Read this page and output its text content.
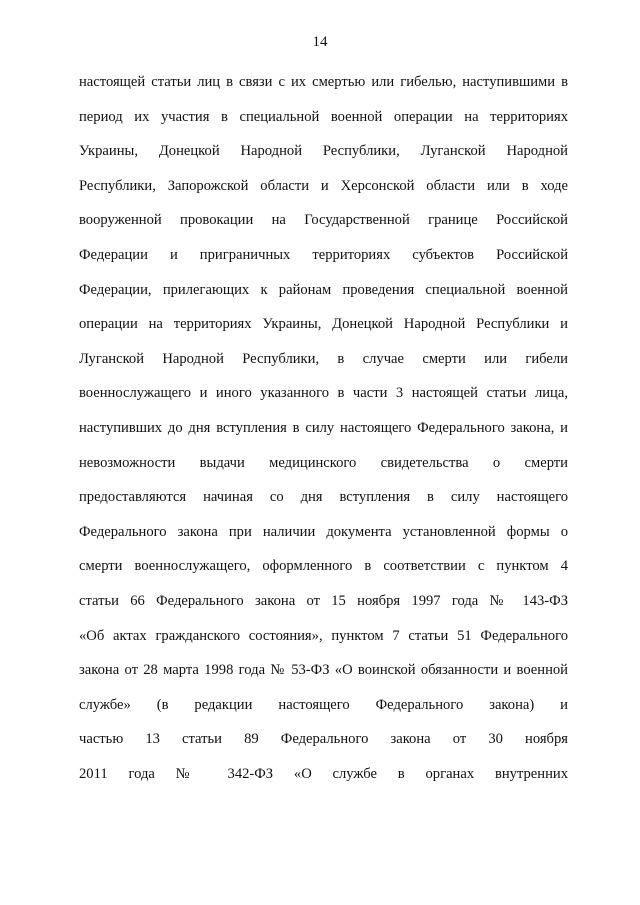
14
настоящей статьи лиц в связи с их смертью или гибелью, наступившими в
период их участия в специальной военной операции на территориях
Украины, Донецкой Народной Республики, Луганской Народной
Республики, Запорожской области и Херсонской области или в ходе
вооруженной провокации на Государственной границе Российской
Федерации и приграничных территориях субъектов Российской
Федерации, прилегающих к районам проведения специальной военной
операции на территориях Украины, Донецкой Народной Республики и
Луганской Народной Республики, в случае смерти или гибели
военнослужащего и иного указанного в части 3 настоящей статьи лица,
наступивших до дня вступления в силу настоящего Федерального закона, и
невозможности выдачи медицинского свидетельства о смерти
предоставляются начиная со дня вступления в силу настоящего
Федерального закона при наличии документа установленной формы о
смерти военнослужащего, оформленного в соответствии с пунктом 4
статьи 66 Федерального закона от 15 ноября 1997 года № 143-ФЗ
«Об актах гражданского состояния», пунктом 7 статьи 51 Федерального
закона от 28 марта 1998 года № 53-ФЗ «О воинской обязанности и военной
службе» (в редакции настоящего Федерального закона) и
частью 13 статьи 89 Федерального закона от 30 ноября
2011 года № 342-ФЗ «О службе в органах внутренних
